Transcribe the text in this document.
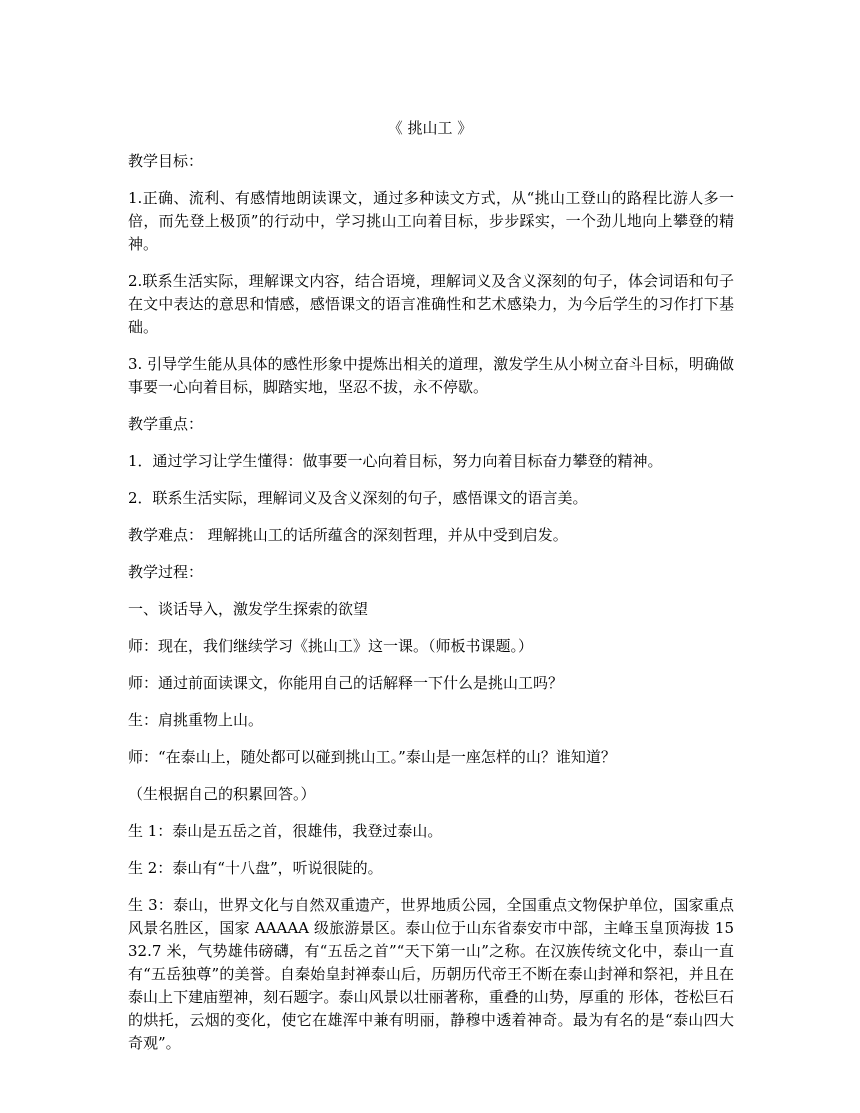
《 挑山工 》

教学目标：

1.正确、流利、有感情地朗读课文，通过多种读文方式，从“挑山工登山的路程比游人多一倍，而先登上极顶”的行动中，学习挑山工向着目标，步步踩实，一个劲儿地向上攀登的精神。

2.联系生活实际，理解课文内容，结合语境，理解词义及含义深刻的句子，体会词语和句子在文中表达的意思和情感，感悟课文的语言准确性和艺术感染力，为今后学生的习作打下基础。

3. 引导学生能从具体的感性形象中提炼出相关的道理，激发学生从小树立奋斗目标，明确做事要一心向着目标，脚踏实地，坚忍不拔，永不停歇。

教学重点：

1．通过学习让学生懂得：做事要一心向着目标，努力向着目标奋力攀登的精神。

2．联系生活实际，理解词义及含义深刻的句子，感悟课文的语言美。

教学难点： 理解挑山工的话所蕴含的深刻哲理，并从中受到启发。

教学过程：

一、谈话导入，激发学生探索的欲望

师：现在，我们继续学习《挑山工》这一课。（师板书课题。）

师：通过前面读课文，你能用自己的话解释一下什么是挑山工吗？

生：肩挑重物上山。

师：“在泰山上，随处都可以碰到挑山工。”泰山是一座怎样的山？谁知道？

（生根据自己的积累回答。）

生 1：泰山是五岳之首，很雄伟，我登过泰山。

生 2：泰山有“十八盘”，听说很陡的。

生 3：泰山，世界文化与自然双重遗产，世界地质公园，全国重点文物保护单位，国家重点风景名胜区，国家 AAAAA 级旅游景区。泰山位于山东省泰安市中部，主峰玉皇顶海拔 1532.7 米，气势雄伟磅礴，有“五岳之首”“天下第一山”之称。在汉族传统文化中，泰山一直有“五岳独尊”的美誉。自秦始皇封禅泰山后，历朝历代帝王不断在泰山封禅和祭祀，并且在泰山上下建庙塑神，刻石题字。泰山风景以壮丽著称，重叠的山势，厚重的 形体，苍松巨石的烘托，云烟的变化，使它在雄浑中兼有明丽，静穆中透着神奇。最为有名的是“泰山四大奇观”。
